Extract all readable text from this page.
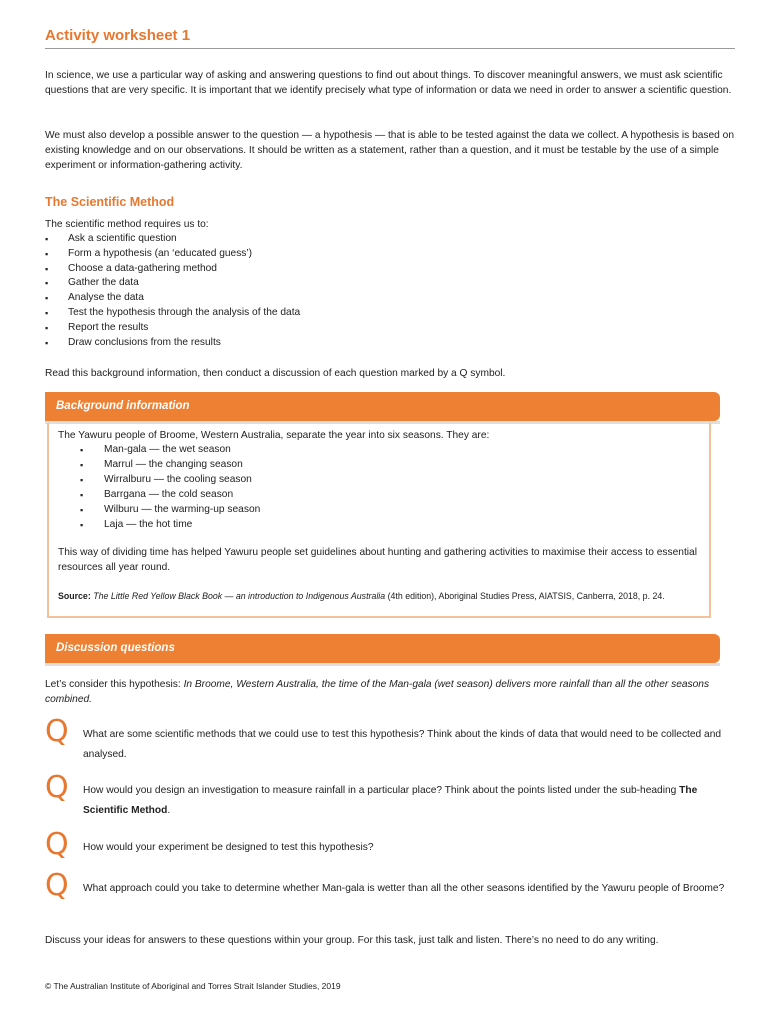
Activity worksheet 1

In science, we use a particular way of asking and answering questions to find out about things. To discover meaningful answers, we must ask scientific questions that are very specific. It is important that we identify precisely what type of information or data we need in order to answer a scientific question.

We must also develop a possible answer to the question — a hypothesis — that is able to be tested against the data we collect. A hypothesis is based on existing knowledge and on our observations. It should be written as a statement, rather than a question, and it must be testable by the use of a simple experiment or information-gathering activity.

The Scientific Method

The scientific method requires us to:

▪ Ask a scientific question
▪ Form a hypothesis (an ‘educated guess’)
▪ Choose a data-gathering method
▪ Gather the data
▪ Analyse the data
▪ Test the hypothesis through the analysis of the data
▪ Report the results
▪ Draw conclusions from the results

Read this background information, then conduct a discussion of each question marked by a Q symbol.

Background information

The Yawuru people of Broome, Western Australia, separate the year into six seasons. They are:

▪ Man-gala — the wet season
▪ Marrul — the changing season
▪ Wirralburu — the cooling season
▪ Barrgana — the cold season
▪ Wilburu — the warming-up season
▪ Laja — the hot time

This way of dividing time has helped Yawuru people set guidelines about hunting and gathering activities to maximise their access to essential resources all year round.

Source: The Little Red Yellow Black Book — an introduction to Indigenous Australia (4th edition), Aboriginal Studies Press, AIATSIS, Canberra, 2018, p. 24.

Discussion questions

Let’s consider this hypothesis: In Broome, Western Australia, the time of the Man-gala (wet season) delivers more rainfall than all the other seasons combined.

Q What are some scientific methods that we could use to test this hypothesis? Think about the kinds of data that would need to be collected and analysed.

Q How would you design an investigation to measure rainfall in a particular place? Think about the points listed under the sub-heading The Scientific Method.

Q How would your experiment be designed to test this hypothesis?

Q What approach could you take to determine whether Man-gala is wetter than all the other seasons identified by the Yawuru people of Broome?

Discuss your ideas for answers to these questions within your group. For this task, just talk and listen. There’s no need to do any writing.

© The Australian Institute of Aboriginal and Torres Strait Islander Studies, 2019
